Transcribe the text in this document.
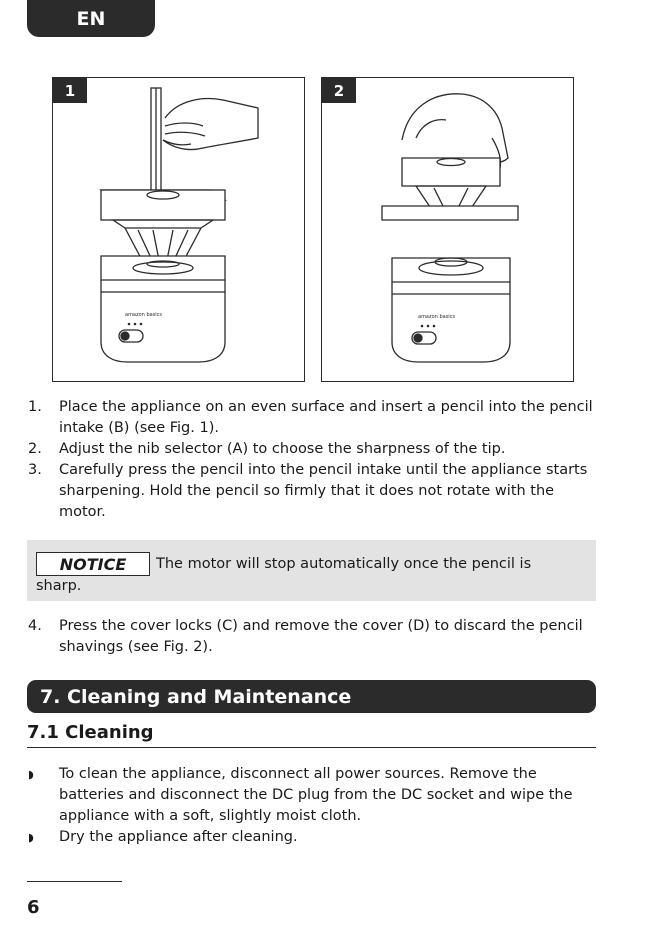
EN
amazon basics
1
amazon basics
2
1. Place the appliance on an even surface and insert a pencil into the pencil intake (B) (see Fig. 1).
2. Adjust the nib selector (A) to choose the sharpness of the tip.
3. Carefully press the pencil into the pencil intake until the appliance starts sharpening. Hold the pencil so firmly that it does not rotate with the motor.
NOTICE The motor will stop automatically once the pencil is
sharp.
4. Press the cover locks (C) and remove the cover (D) to discard the pencil shavings (see Fig. 2).
7. Cleaning and Maintenance
7.1 Cleaning
◗ To clean the appliance, disconnect all power sources. Remove the batteries and disconnect the DC plug from the DC socket and wipe the appliance with a soft, slightly moist cloth.
◗ Dry the appliance after cleaning.
6
